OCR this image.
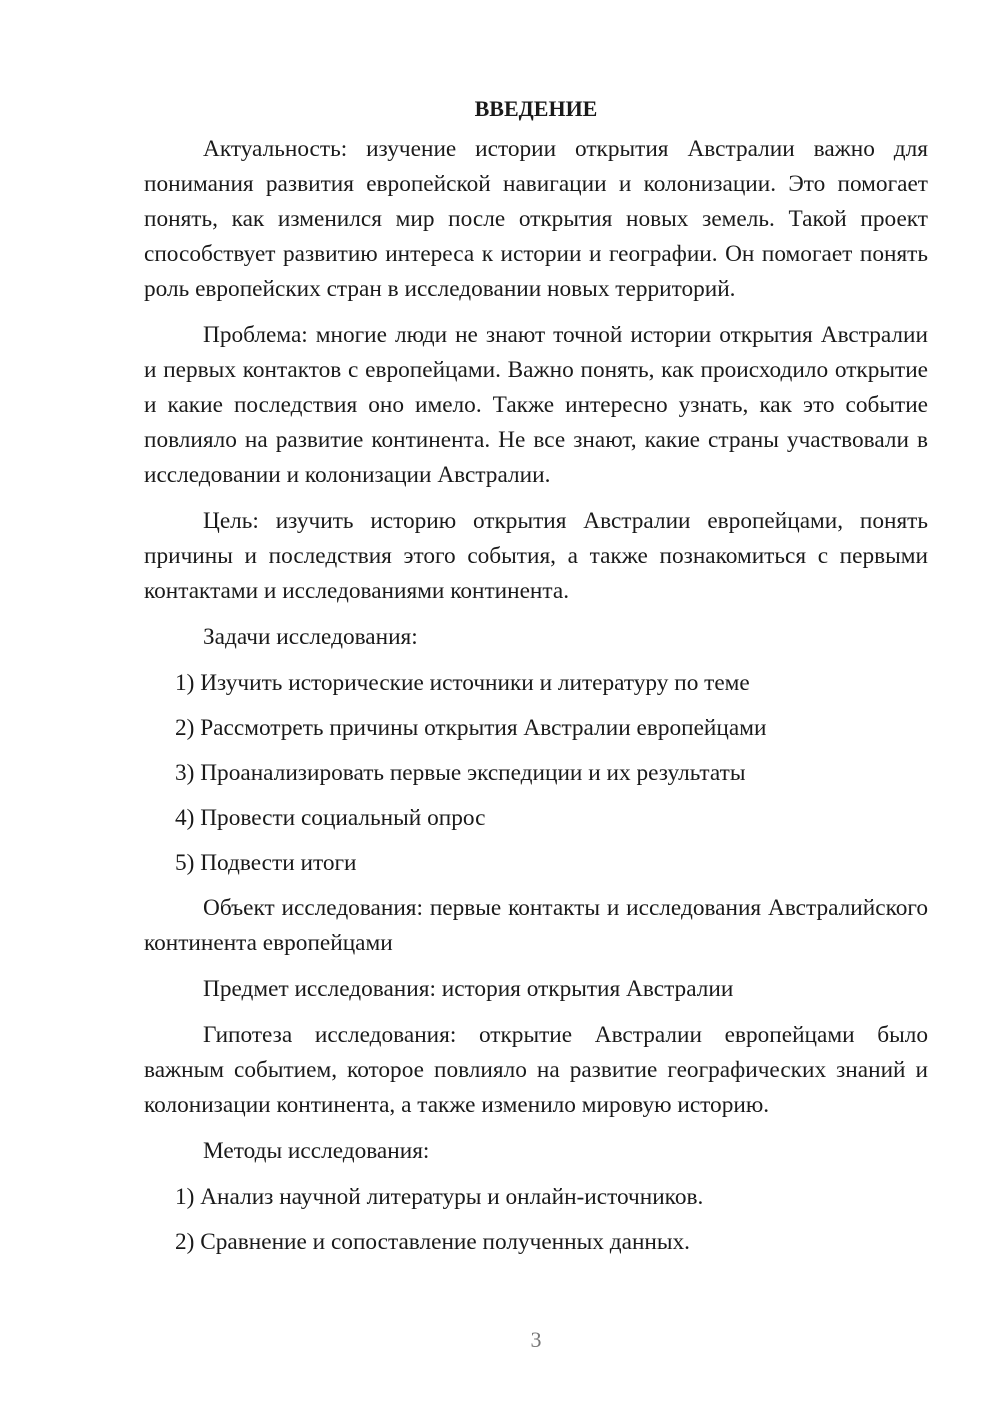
ВВЕДЕНИЕ

Актуальность: изучение истории открытия Австралии важно для понимания развития европейской навигации и колонизации. Это помогает понять, как изменился мир после открытия новых земель. Такой проект способствует развитию интереса к истории и географии. Он помогает понять роль европейских стран в исследовании новых территорий.

Проблема: многие люди не знают точной истории открытия Австралии и первых контактов с европейцами. Важно понять, как происходило открытие и какие последствия оно имело. Также интересно узнать, как это событие повлияло на развитие континента. Не все знают, какие страны участвовали в исследовании и колонизации Австралии.

Цель: изучить историю открытия Австралии европейцами, понять причины и последствия этого события, а также познакомиться с первыми контактами и исследованиями континента.

Задачи исследования:

1) Изучить исторические источники и литературу по теме
2) Рассмотреть причины открытия Австралии европейцами
3) Проанализировать первые экспедиции и их результаты
4) Провести социальный опрос
5) Подвести итоги

Объект исследования: первые контакты и исследования Австралийского континента европейцами

Предмет исследования: история открытия Австралии

Гипотеза исследования: открытие Австралии европейцами было важным событием, которое повлияло на развитие географических знаний и колонизации континента, а также изменило мировую историю.

Методы исследования:

1) Анализ научной литературы и онлайн-источников.
2) Сравнение и сопоставление полученных данных.
3
